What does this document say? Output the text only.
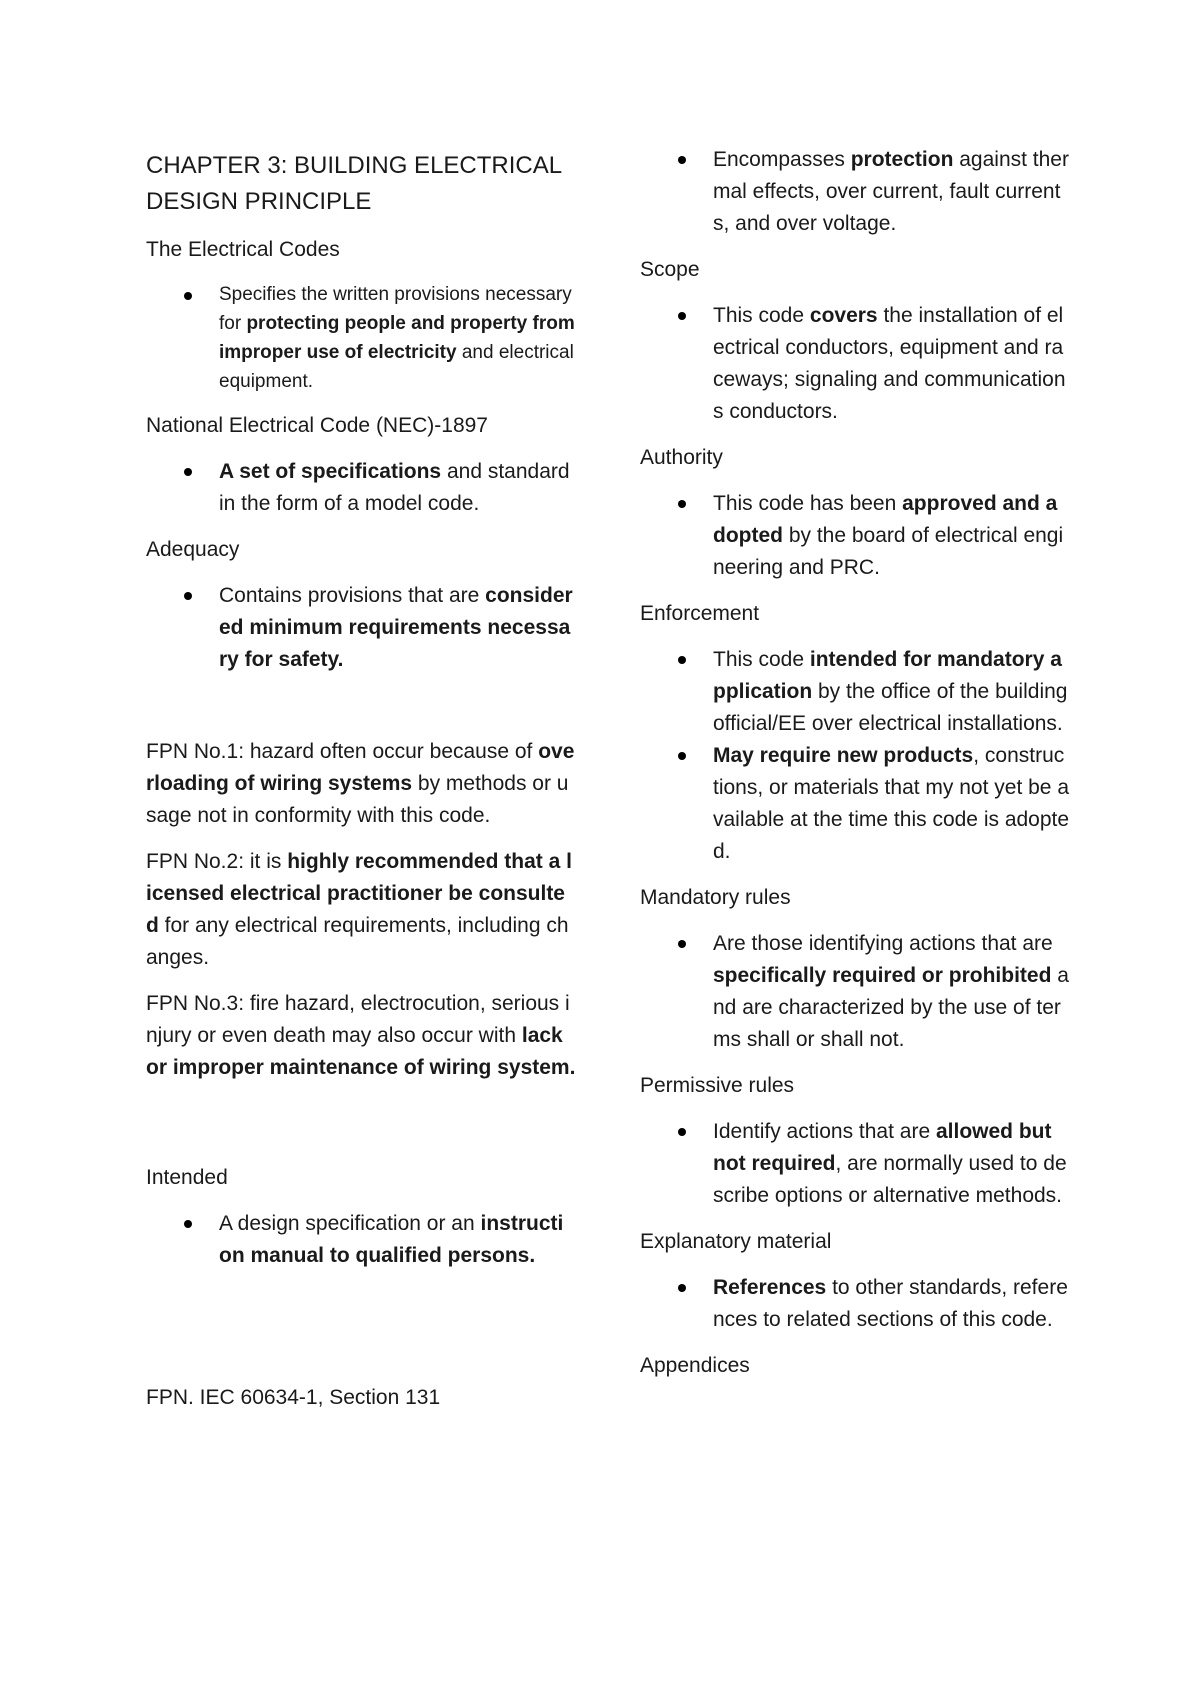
CHAPTER 3: BUILDING ELECTRICAL DESIGN PRINCIPLE
The Electrical Codes
Specifies the written provisions necessary for protecting people and property from improper use of electricity and electrical equipment.
National Electrical Code (NEC)-1897
A set of specifications and standard in the form of a model code.
Adequacy
Contains provisions that are considered minimum requirements necessary for safety.

FPN No.1: hazard often occur because of overloading of wiring systems by methods or usage not in conformity with this code.

FPN No.2: it is highly recommended that a licensed electrical practitioner be consulted for any electrical requirements, including changes.

FPN No.3: fire hazard, electrocution, serious injury or even death may also occur with lack or improper maintenance of wiring system.

Intended
A design specification or an instruction manual to qualified persons.

FPN. IEC 60634-1, Section 131

Encompasses protection against thermal effects, over current, fault currents, and over voltage.
Scope
This code covers the installation of electrical conductors, equipment and raceways; signaling and communications conductors.
Authority
This code has been approved and adopted by the board of electrical engineering and PRC.
Enforcement
This code intended for mandatory application by the office of the building official/EE over electrical installations.
May require new products, constructions, or materials that my not yet be available at the time this code is adopted.
Mandatory rules
Are those identifying actions that are specifically required or prohibited and are characterized by the use of terms shall or shall not.
Permissive rules
Identify actions that are allowed but not required, are normally used to describe options or alternative methods.
Explanatory material
References to other standards, references to related sections of this code.
Appendices
